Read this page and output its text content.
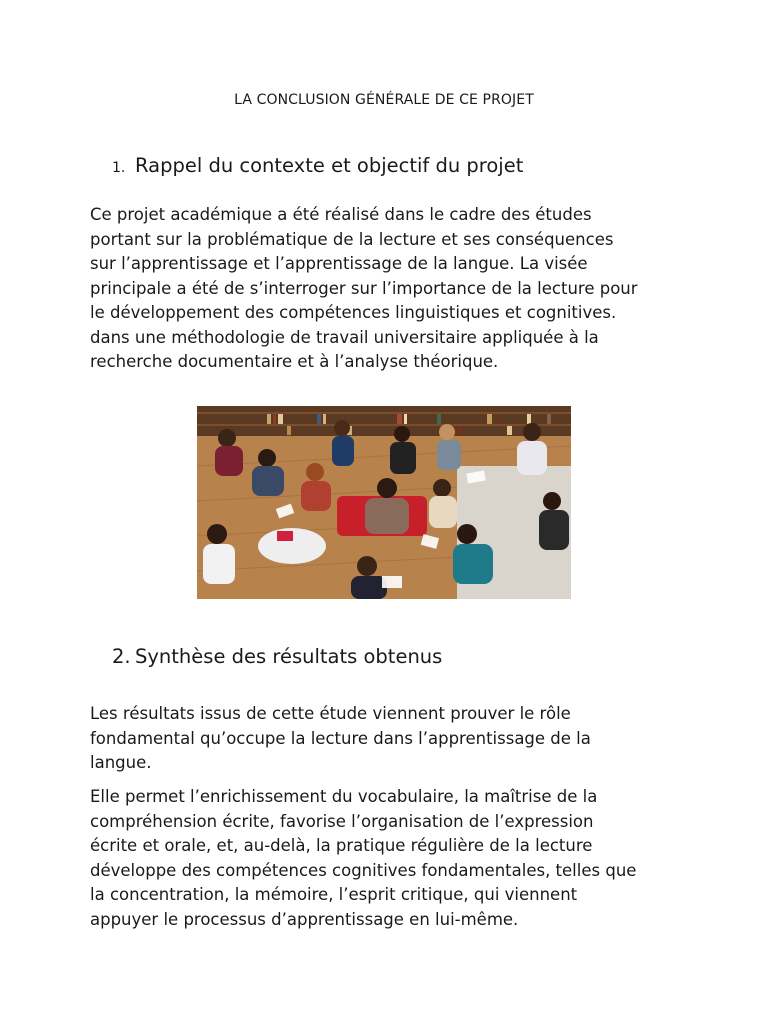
LA CONCLUSION GÉNÉRALE DE CE PROJET
1. Rappel du contexte et objectif du projet

Ce projet académique a été réalisé dans le cadre des études
portant sur la problématique de la lecture et ses conséquences
sur l’apprentissage et l’apprentissage de la langue. La visée
principale a été de s’interroger sur l’importance de la lecture pour
le développement des compétences linguistiques et cognitives.
dans une méthodologie de travail universitaire appliquée à la
recherche documentaire et à l’analyse théorique.

2. Synthèse des résultats obtenus

Les résultats issus de cette étude viennent prouver le rôle
fondamental qu’occupe la lecture dans l’apprentissage de la
langue.

Elle permet l’enrichissement du vocabulaire, la maîtrise de la
compréhension écrite, favorise l’organisation de l’expression
écrite et orale, et, au-delà, la pratique régulière de la lecture
développe des compétences cognitives fondamentales, telles que
la concentration, la mémoire, l’esprit critique, qui viennent
appuyer le processus d’apprentissage en lui-même.
